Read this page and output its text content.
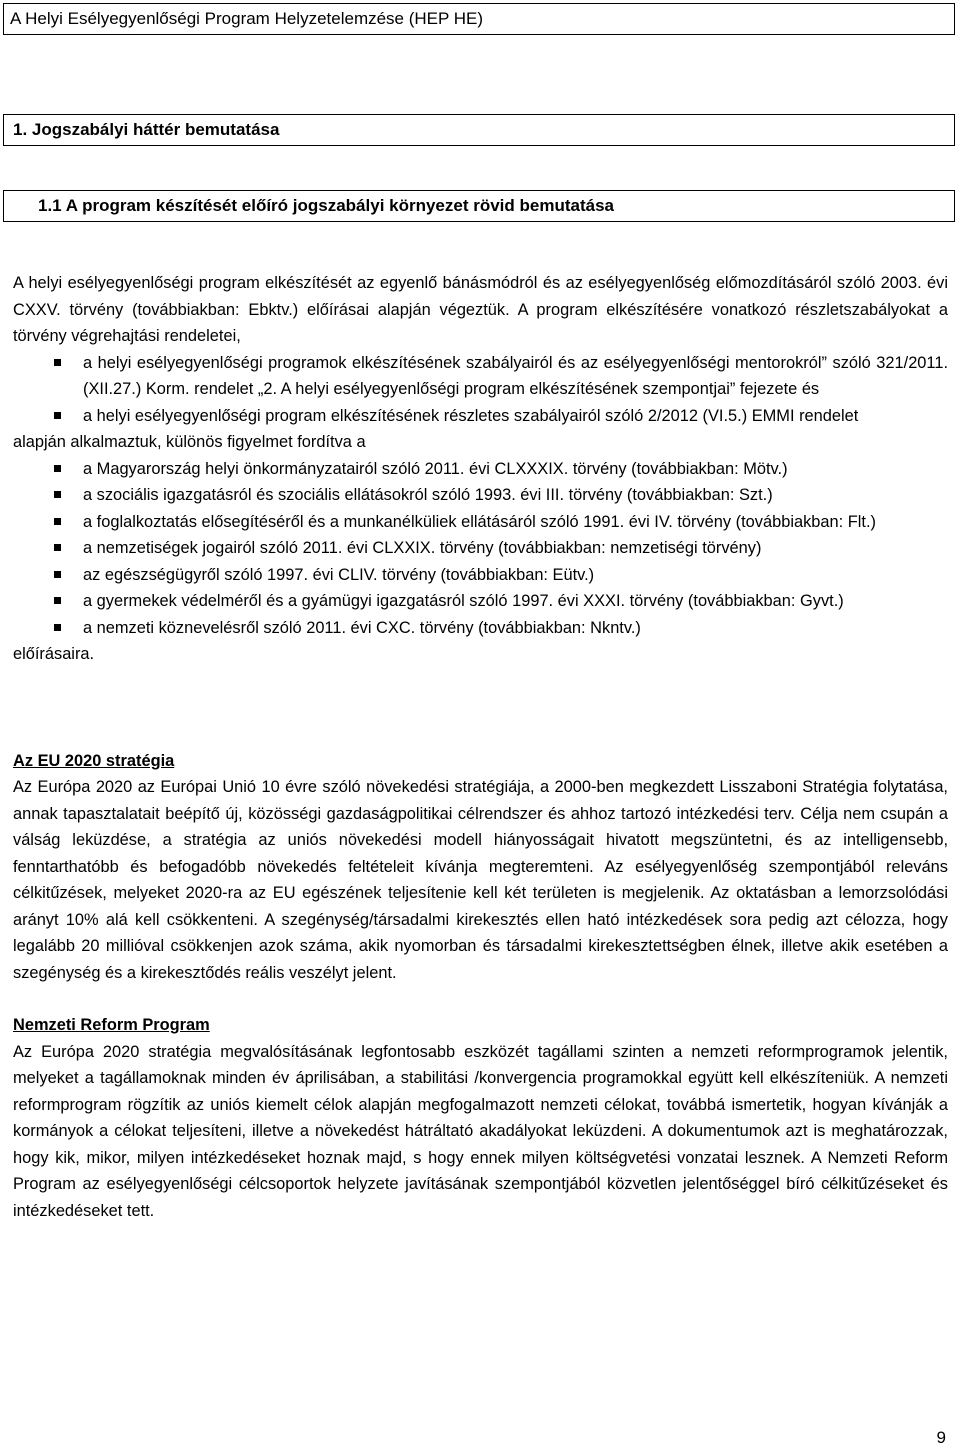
A Helyi Esélyegyenlőségi Program Helyzetelemzése (HEP HE)
1. Jogszabályi háttér bemutatása
1.1 A program készítését előíró jogszabályi környezet rövid bemutatása

A helyi esélyegyenlőségi program elkészítését az egyenlő bánásmódról és az esélyegyenlőség előmozdításáról szóló 2003. évi CXXV. törvény (továbbiakban: Ebktv.) előírásai alapján végeztük. A program elkészítésére vonatkozó részletszabályokat a törvény végrehajtási rendeletei,

a helyi esélyegyenlőségi programok elkészítésének szabályairól és az esélyegyenlőségi mentorokról” szóló 321/2011. (XII.27.) Korm. rendelet „2. A helyi esélyegyenlőségi program elkészítésének szempontjai” fejezete és
a helyi esélyegyenlőségi program elkészítésének részletes szabályairól szóló 2/2012 (VI.5.) EMMI rendelet

alapján alkalmaztuk, különös figyelmet fordítva a

a Magyarország helyi önkormányzatairól szóló 2011. évi CLXXXIX. törvény (továbbiakban: Mötv.)
a szociális igazgatásról és szociális ellátásokról szóló 1993. évi III. törvény (továbbiakban: Szt.)
a foglalkoztatás elősegítéséről és a munkanélküliek ellátásáról szóló 1991. évi IV. törvény (továbbiakban: Flt.)
a nemzetiségek jogairól szóló 2011. évi CLXXIX. törvény (továbbiakban: nemzetiségi törvény)
az egészségügyről szóló 1997. évi CLIV. törvény (továbbiakban: Eütv.)
a gyermekek védelméről és a gyámügyi igazgatásról szóló 1997. évi XXXI. törvény (továbbiakban: Gyvt.)
a nemzeti köznevelésről szóló 2011. évi CXC. törvény (továbbiakban: Nkntv.)

előírásaira.

Az EU 2020 stratégia

Az Európa 2020 az Európai Unió 10 évre szóló növekedési stratégiája, a 2000-ben megkezdett Lisszaboni Stratégia folytatása, annak tapasztalatait beépítő új, közösségi gazdaságpolitikai célrendszer és ahhoz tartozó intézkedési terv. Célja nem csupán a válság leküzdése, a stratégia az uniós növekedési modell hiányosságait hivatott megszüntetni, és az intelligensebb, fenntarthatóbb és befogadóbb növekedés feltételeit kívánja megteremteni. Az esélyegyenlőség szempontjából releváns célkitűzések, melyeket 2020-ra az EU egészének teljesítenie kell két területen is megjelenik. Az oktatásban a lemorzsolódási arányt 10% alá kell csökkenteni. A szegénység/társadalmi kirekesztés ellen ható intézkedések sora pedig azt célozza, hogy legalább 20 millióval csökkenjen azok száma, akik nyomorban és társadalmi kirekesztettségben élnek, illetve akik esetében a szegénység és a kirekesztődés reális veszélyt jelent.

Nemzeti Reform Program

Az Európa 2020 stratégia megvalósításának legfontosabb eszközét tagállami szinten a nemzeti reformprogramok jelentik, melyeket a tagállamoknak minden év áprilisában, a stabilitási /konvergencia programokkal együtt kell elkészíteniük. A nemzeti reformprogram rögzítik az uniós kiemelt célok alapján megfogalmazott nemzeti célokat, továbbá ismertetik, hogyan kívánják a kormányok a célokat teljesíteni, illetve a növekedést hátráltató akadályokat leküzdeni. A dokumentumok azt is meghatározzak, hogy kik, mikor, milyen intézkedéseket hoznak majd, s hogy ennek milyen költségvetési vonzatai lesznek. A Nemzeti Reform Program az esélyegyenlőségi célcsoportok helyzete javításának szempontjából közvetlen jelentőséggel bíró célkitűzéseket és intézkedéseket tett.

9
